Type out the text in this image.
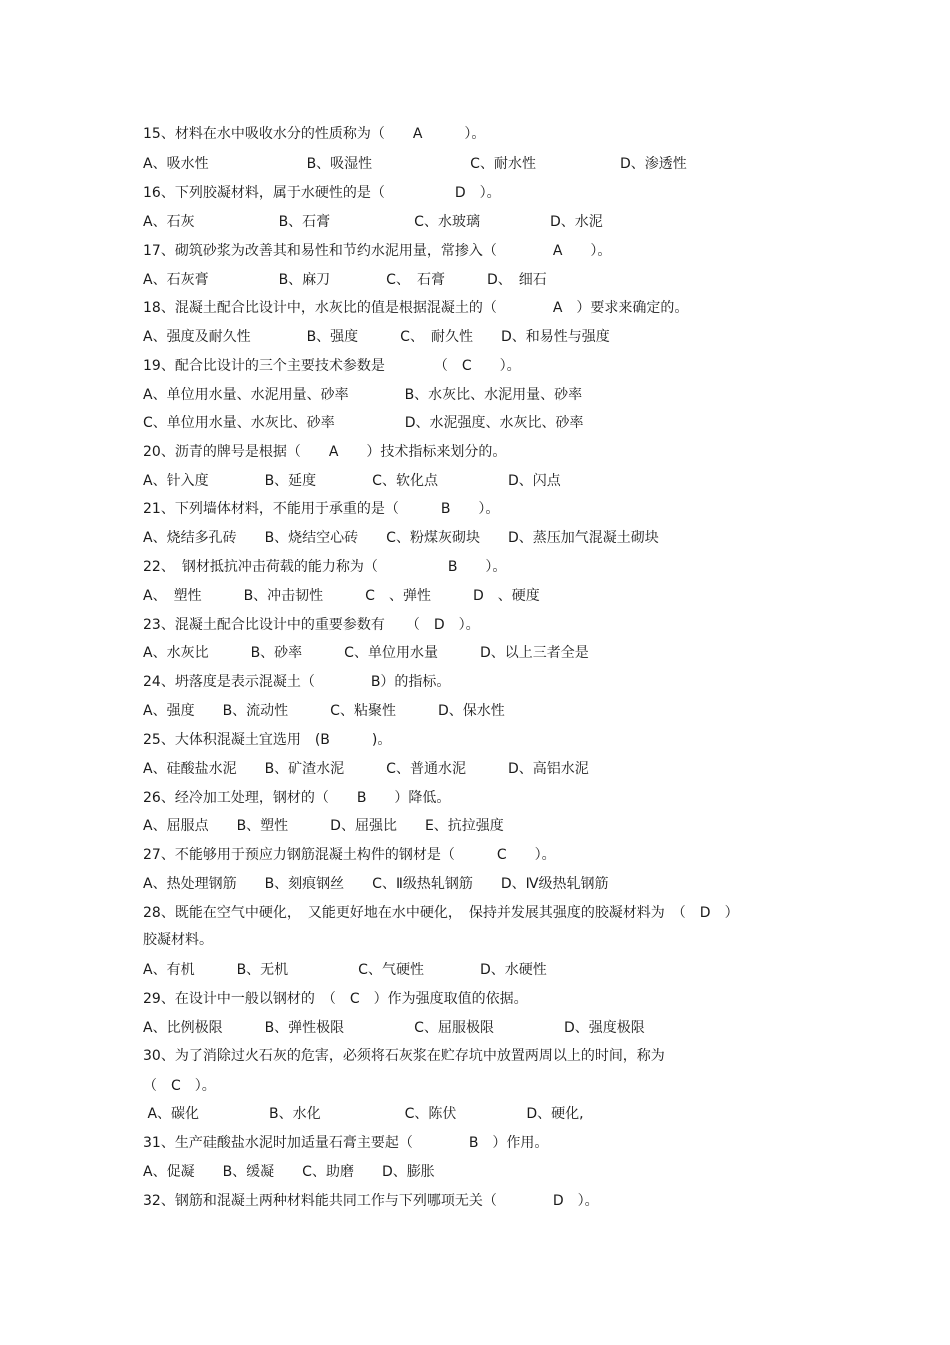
15、材料在水中吸收水分的性质称为（　　A　　　）。
A、吸水性　　　　　　　B、吸湿性　　　　　　　C、耐水性　　　　　　D、渗透性
16、下列胶凝材料，属于水硬性的是（　　　　　D　）。
A、石灰　　　　　　B、石膏　　　　　　C、水玻璃　　　　　D、水泥
17、砌筑砂浆为改善其和易性和节约水泥用量，常掺入（　　　　A　　）。
A、石灰膏　　　　　B、麻刀　　　　C、　石膏　　　D、　细石
18、混凝土配合比设计中，水灰比的值是根据混凝土的（　　　　A　）要求来确定的。
A、强度及耐久性　　　　B、强度　　　C、　耐久性　　D、和易性与强度
19、配合比设计的三个主要技术参数是　　　　（　C　　）。
A、单位用水量、水泥用量、砂率　　　　B、水灰比、水泥用量、砂率
C、单位用水量、水灰比、砂率　　　　　D、水泥强度、水灰比、砂率
20、沥青的牌号是根据（　　A　　）技术指标来划分的。
A、针入度　　　　B、延度　　　　C、软化点　　　　　D、闪点
21、下列墙体材料，不能用于承重的是（　　　B　　）。
A、烧结多孔砖　　B、烧结空心砖　　C、粉煤灰砌块　　D、蒸压加气混凝土砌块
22、　钢材抵抗冲击荷载的能力称为（　　　　　B　　）。
A、　塑性　　　B、冲击韧性　　　C　、弹性　　　D　、硬度
23、混凝土配合比设计中的重要参数有　　（　D　）。
A、水灰比　　　B、砂率　　　C、单位用水量　　　D、以上三者全是
24、坍落度是表示混凝土（　　　　B）的指标。
A、强度　　B、流动性　　　C、粘聚性　　　D、保水性
25、大体积混凝土宜选用　(B　　　)。
A、硅酸盐水泥　　B、矿渣水泥　　　C、普通水泥　　　D、高铝水泥
26、经冷加工处理，钢材的（　　B　　）降低。
A、屈服点　　B、塑性　　　D、屈强比　　E、抗拉强度
27、不能够用于预应力钢筋混凝土构件的钢材是（　　　C　　）。
A、热处理钢筋　　B、刻痕钢丝　　C、Ⅱ级热轧钢筋　　D、Ⅳ级热轧钢筋
28、既能在空气中硬化，　又能更好地在水中硬化，　保持并发展其强度的胶凝材料为　（　D　）
胶凝材料。
A、有机　　　B、无机　　　　　C、气硬性　　　　D、水硬性
29、在设计中一般以钢材的　（　C　）作为强度取值的依据。
A、比例极限　　　B、弹性极限　　　　　C、屈服极限　　　　　D、强度极限
30、为了消除过火石灰的危害，必须将石灰浆在贮存坑中放置两周以上的时间，称为
（　C　）。
A、碳化　　　　　B、水化　　　　　　C、陈伏　　　　　D、硬化,
31、生产硅酸盐水泥时加适量石膏主要起（　　　　B　）作用。
A、促凝　　B、缓凝　　C、助磨　　D、膨胀
32、钢筋和混凝土两种材料能共同工作与下列哪项无关（　　　　D　）。
